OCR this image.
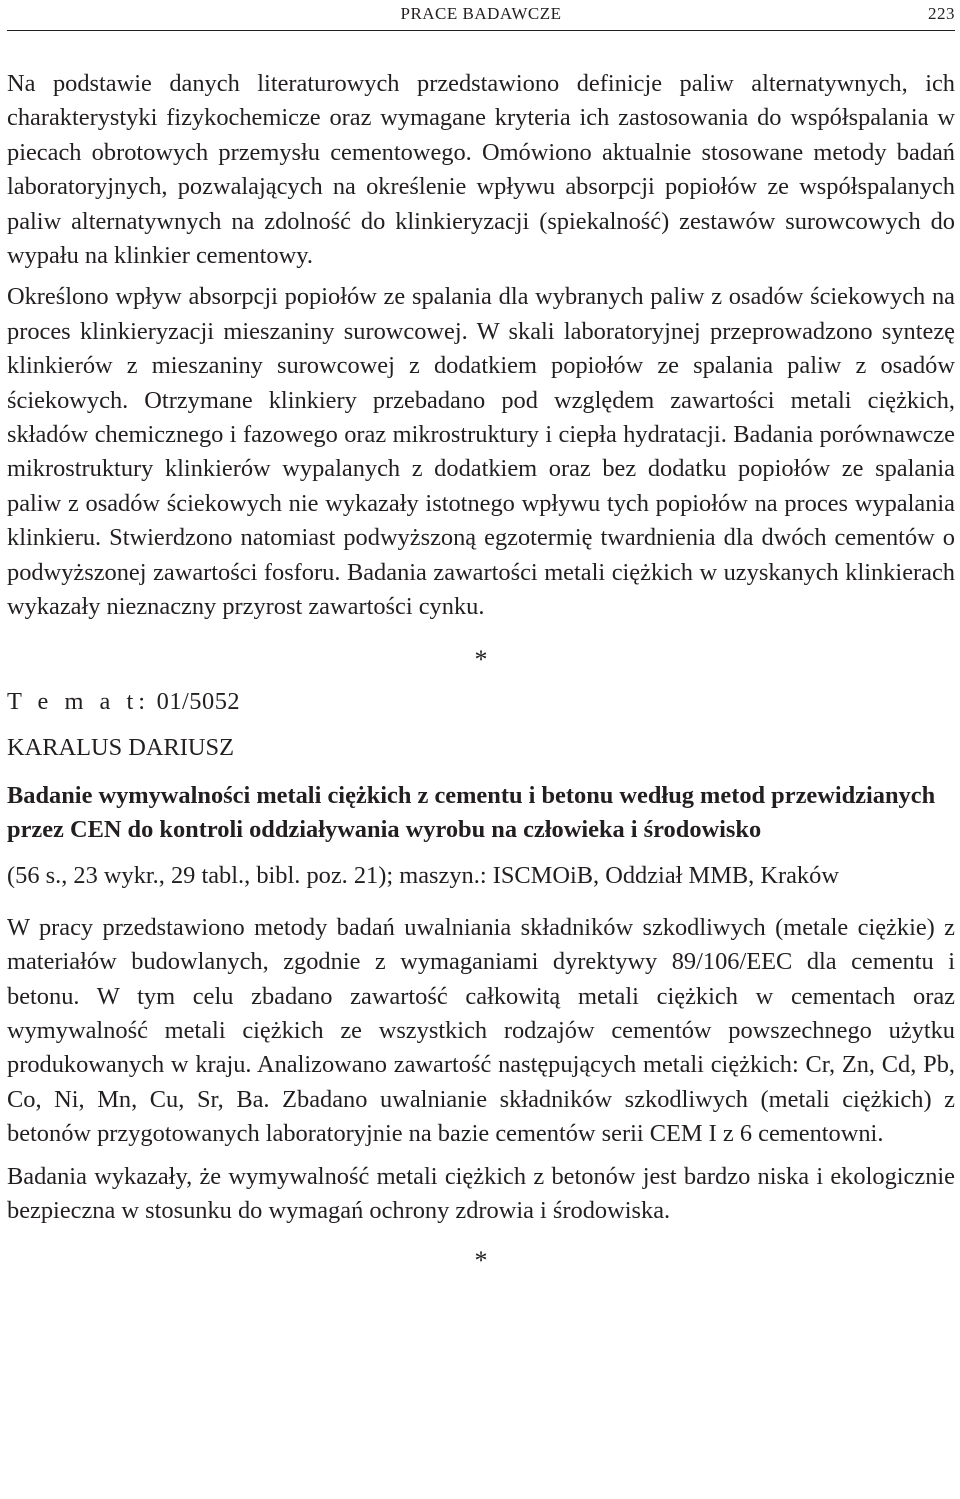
PRACE BADAWCZE	223

Na podstawie danych literaturowych przedstawiono definicje paliw alternatywnych, ich charakterystyki fizykochemicze oraz wymagane kryteria ich zastosowania do współspalania w piecach obrotowych przemysłu cementowego. Omówiono aktualnie stosowane metody badań laboratoryjnych, pozwalających na określenie wpływu absorpcji popiołów ze współspalanych paliw alternatywnych na zdolność do klinkieryzacji (spiekalność) zestawów surowcowych do wypału na klinkier cementowy.

Określono wpływ absorpcji popiołów ze spalania dla wybranych paliw z osadów ściekowych na proces klinkieryzacji mieszaniny surowcowej. W skali laboratoryjnej przeprowadzono syntezę klinkierów z mieszaniny surowcowej z dodatkiem popiołów ze spalania paliw z osadów ściekowych. Otrzymane klinkiery przebadano pod względem zawartości metali ciężkich, składów chemicznego i fazowego oraz mikrostruktury i ciepła hydratacji. Badania porównawcze mikrostruktury klinkierów wypalanych z dodatkiem oraz bez dodatku popiołów ze spalania paliw z osadów ściekowych nie wykazały istotnego wpływu tych popiołów na proces wypalania klinkieru. Stwierdzono natomiast podwyższoną egzotermię twardnienia dla dwóch cementów o podwyższonej zawartości fosforu. Badania zawartości metali ciężkich w uzyskanych klinkierach wykazały nieznaczny przyrost zawartości cynku.

*
T e m a t: 01/5052
KARALUS DARIUSZ
Badanie wymywalności metali ciężkich z cementu i betonu według metod przewidzianych przez CEN do kontroli oddziaływania wyrobu na człowieka i środowisko
(56 s., 23 wykr., 29 tabl., bibl. poz. 21); maszyn.: ISCMOiB, Oddział MMB, Kraków

W pracy przedstawiono metody badań uwalniania składników szkodliwych (metale ciężkie) z materiałów budowlanych, zgodnie z wymaganiami dyrektywy 89/106/EEC dla cementu i betonu. W tym celu zbadano zawartość całkowitą metali ciężkich w cementach oraz wymywalność metali ciężkich ze wszystkich rodzajów cementów powszechnego użytku produkowanych w kraju. Analizowano zawartość następujących metali ciężkich: Cr, Zn, Cd, Pb, Co, Ni, Mn, Cu, Sr, Ba. Zbadano uwalnianie składników szkodliwych (metali ciężkich) z betonów przygotowanych laboratoryjnie na bazie cementów serii CEM I z 6 cementowni.

Badania wykazały, że wymywalność metali ciężkich z betonów jest bardzo niska i ekologicznie bezpieczna w stosunku do wymagań ochrony zdrowia i środowiska.

*
